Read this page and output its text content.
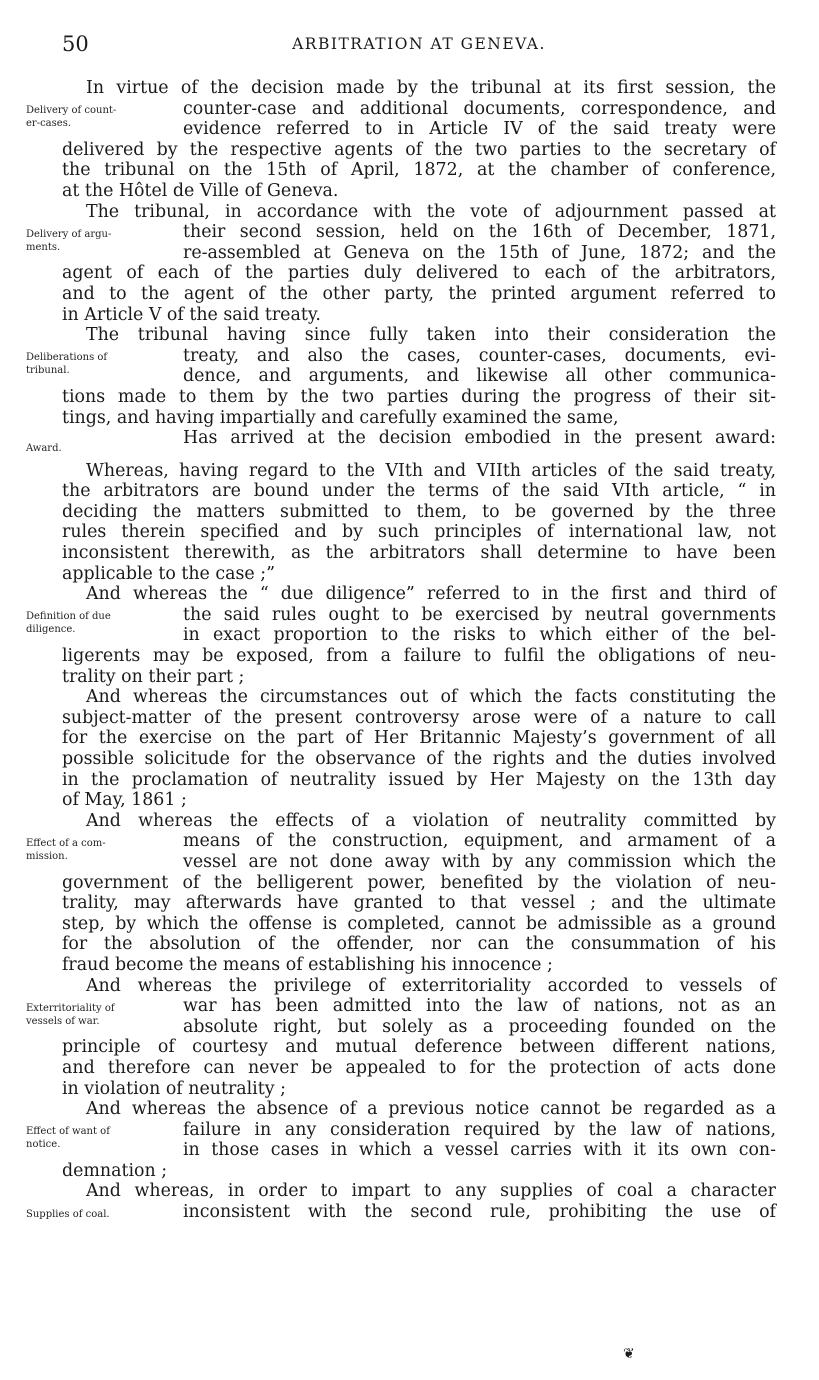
50	ARBITRATION AT GENEVA.
Delivery of count-
er-cases.
In virtue of the decision made by the tribunal at its first session, the
counter-case and additional documents, correspondence, and
evidence referred to in Article IV of the said treaty were
delivered by the respective agents of the two parties to the secretary of
the tribunal on the 15th of April, 1872, at the chamber of conference,
at the Hôtel de Ville of Geneva.
Delivery of argu-
ments.
The tribunal, in accordance with the vote of adjournment passed at
their second session, held on the 16th of December, 1871,
re-assembled at Geneva on the 15th of June, 1872; and the
agent of each of the parties duly delivered to each of the arbitrators,
and to the agent of the other party, the printed argument referred to
in Article V of the said treaty.
Deliberations of
tribunal.
The tribunal having since fully taken into their consideration the
treaty, and also the cases, counter-cases, documents, evi-
dence, and arguments, and likewise all other communica-
tions made to them by the two parties during the progress of their sit-
tings, and having impartially and carefully examined the same,
Award.
Has arrived at the decision embodied in the present award:
Whereas, having regard to the VIth and VIIth articles of the said treaty,
the arbitrators are bound under the terms of the said VIth article, “ in
deciding the matters submitted to them, to be governed by the three
rules therein specified and by such principles of international law, not
inconsistent therewith, as the arbitrators shall determine to have been
applicable to the case ;”
Definition of due
diligence.
And whereas the “ due diligence” referred to in the first and third of
the said rules ought to be exercised by neutral governments
in exact proportion to the risks to which either of the bel-
ligerents may be exposed, from a failure to fulfil the obligations of neu-
trality on their part ;
And whereas the circumstances out of which the facts constituting the
subject-matter of the present controversy arose were of a nature to call
for the exercise on the part of Her Britannic Majesty’s government of all
possible solicitude for the observance of the rights and the duties involved
in the proclamation of neutrality issued by Her Majesty on the 13th day
of May, 1861 ;
Effect of a com-
mission.
And whereas the effects of a violation of neutrality committed by
means of the construction, equipment, and armament of a
vessel are not done away with by any commission which the
government of the belligerent power, benefited by the violation of neu-
trality, may afterwards have granted to that vessel ; and the ultimate
step, by which the offense is completed, cannot be admissible as a ground
for the absolution of the offender, nor can the consummation of his
fraud become the means of establishing his innocence ;
Exterritoriality of
vessels of war.
And whereas the privilege of exterritoriality accorded to vessels of
war has been admitted into the law of nations, not as an
absolute right, but solely as a proceeding founded on the
principle of courtesy and mutual deference between different nations,
and therefore can never be appealed to for the protection of acts done
in violation of neutrality ;
Effect of want of
notice.
And whereas the absence of a previous notice cannot be regarded as a
failure in any consideration required by the law of nations,
in those cases in which a vessel carries with it its own con-
demnation ;
Supplies of coal.
And whereas, in order to impart to any supplies of coal a character
inconsistent with the second rule, prohibiting the use of
❦
